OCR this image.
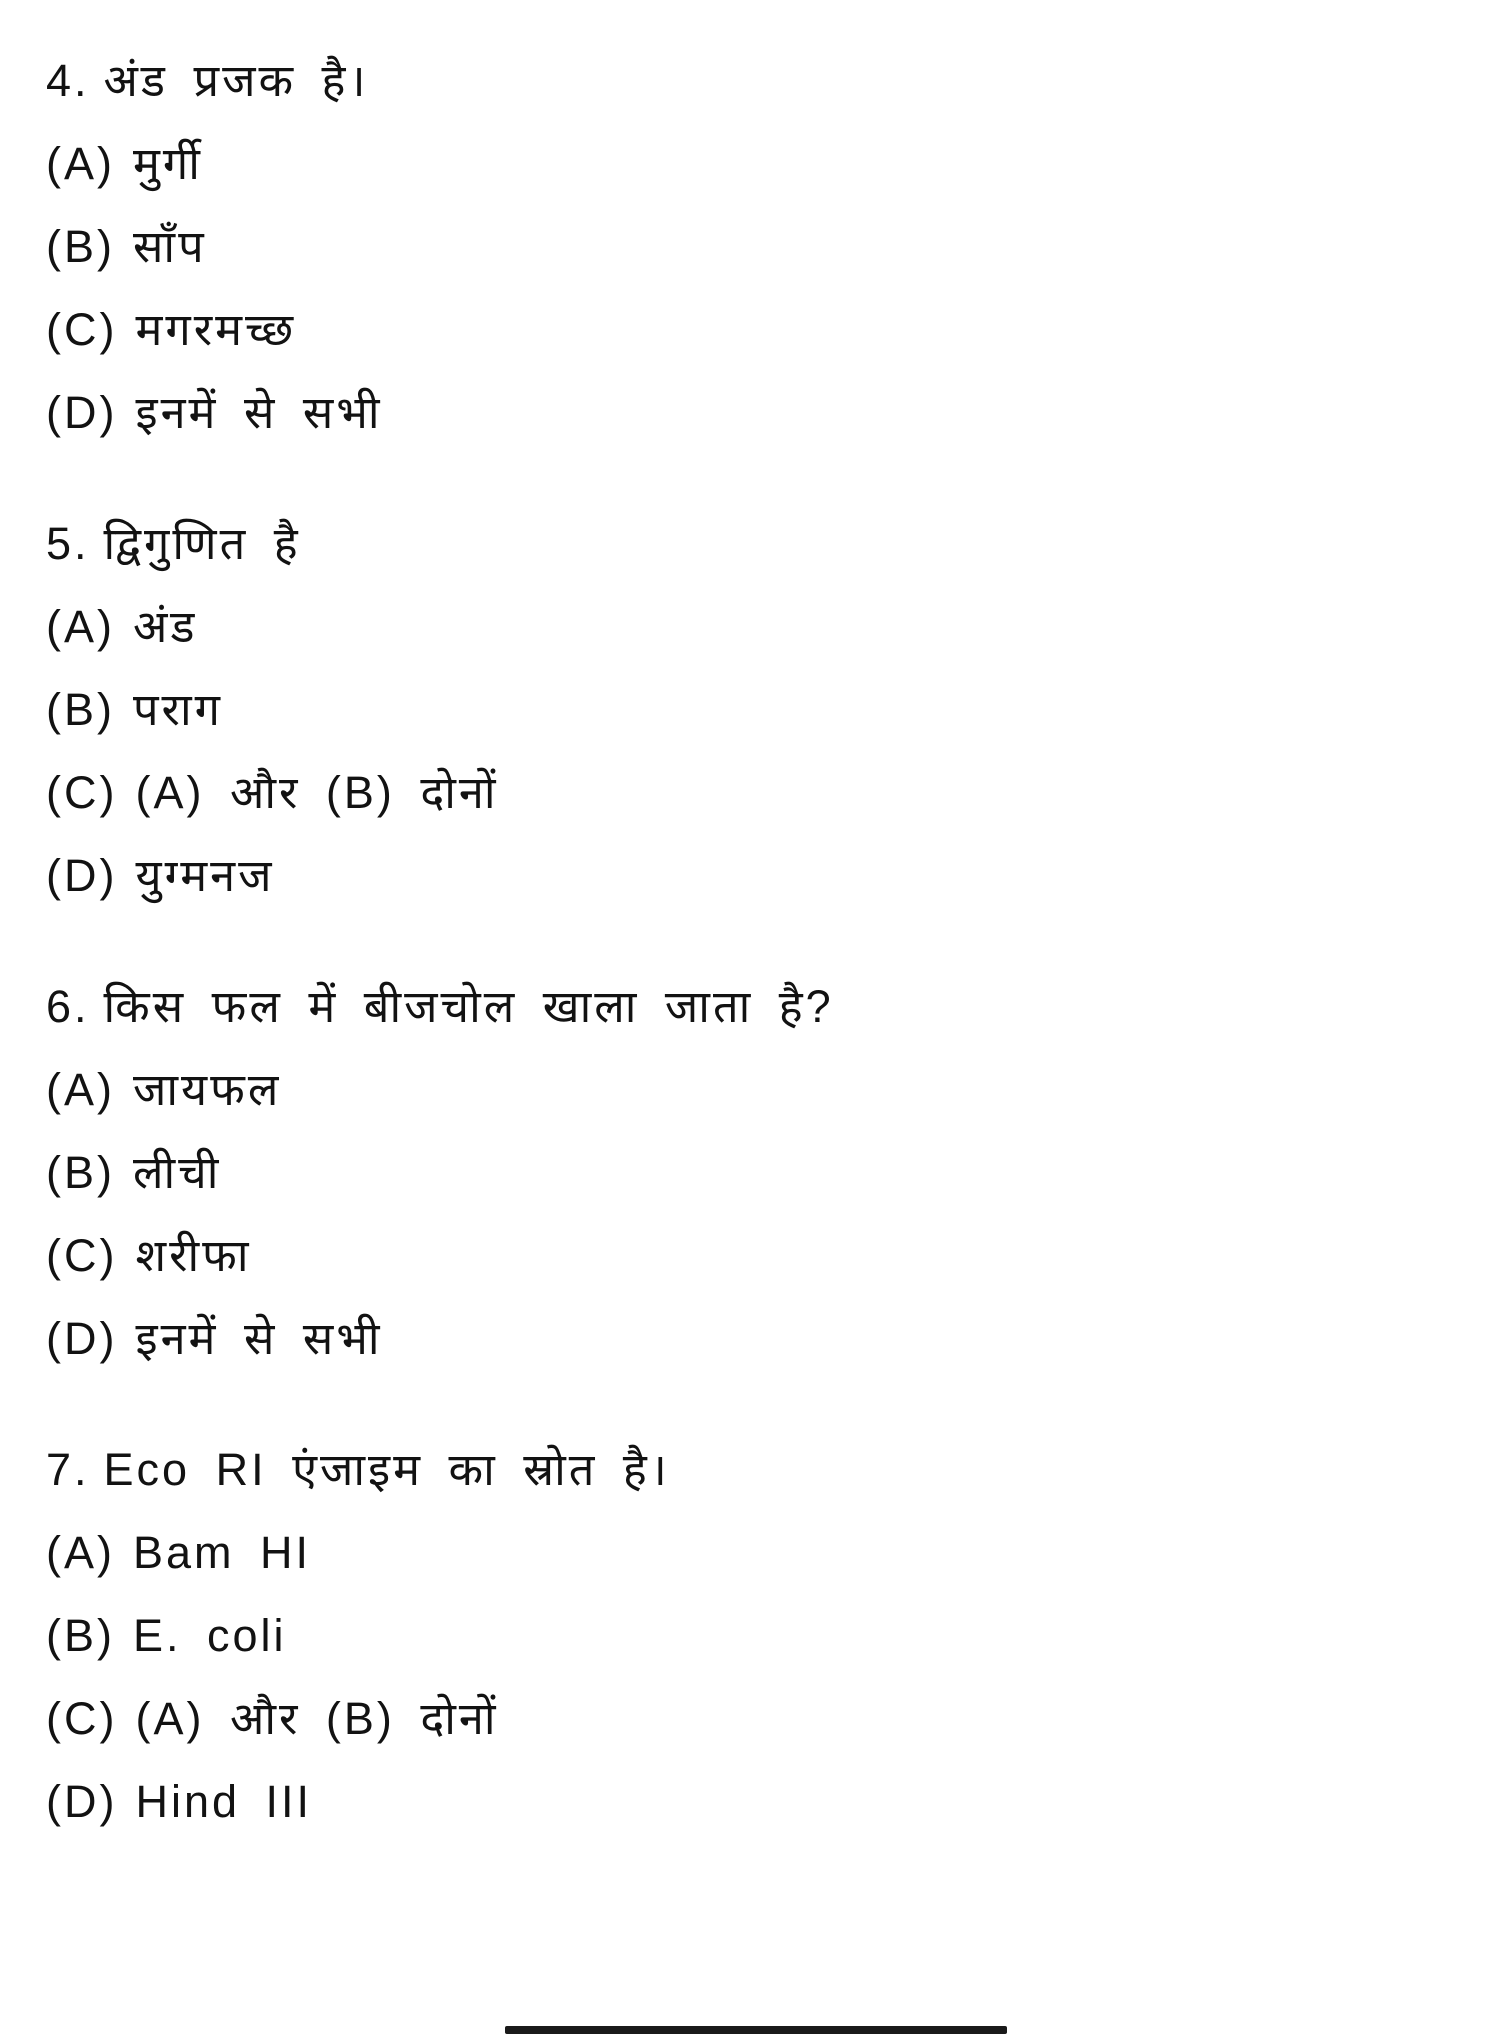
4. अंड प्रजक है।
(A) मुर्गी
(B) साँप
(C) मगरमच्छ
(D) इनमें से सभी
5. द्विगुणित है
(A) अंड
(B) पराग
(C) (A) और (B) दोनों
(D) युग्मनज
6. किस फल में बीजचोल खाला जाता है?
(A) जायफल
(B) लीची
(C) शरीफा
(D) इनमें से सभी
7. Eco RI एंजाइम का स्रोत है।
(A) Bam HI
(B) E. coli
(C) (A) और (B) दोनों
(D) Hind III
